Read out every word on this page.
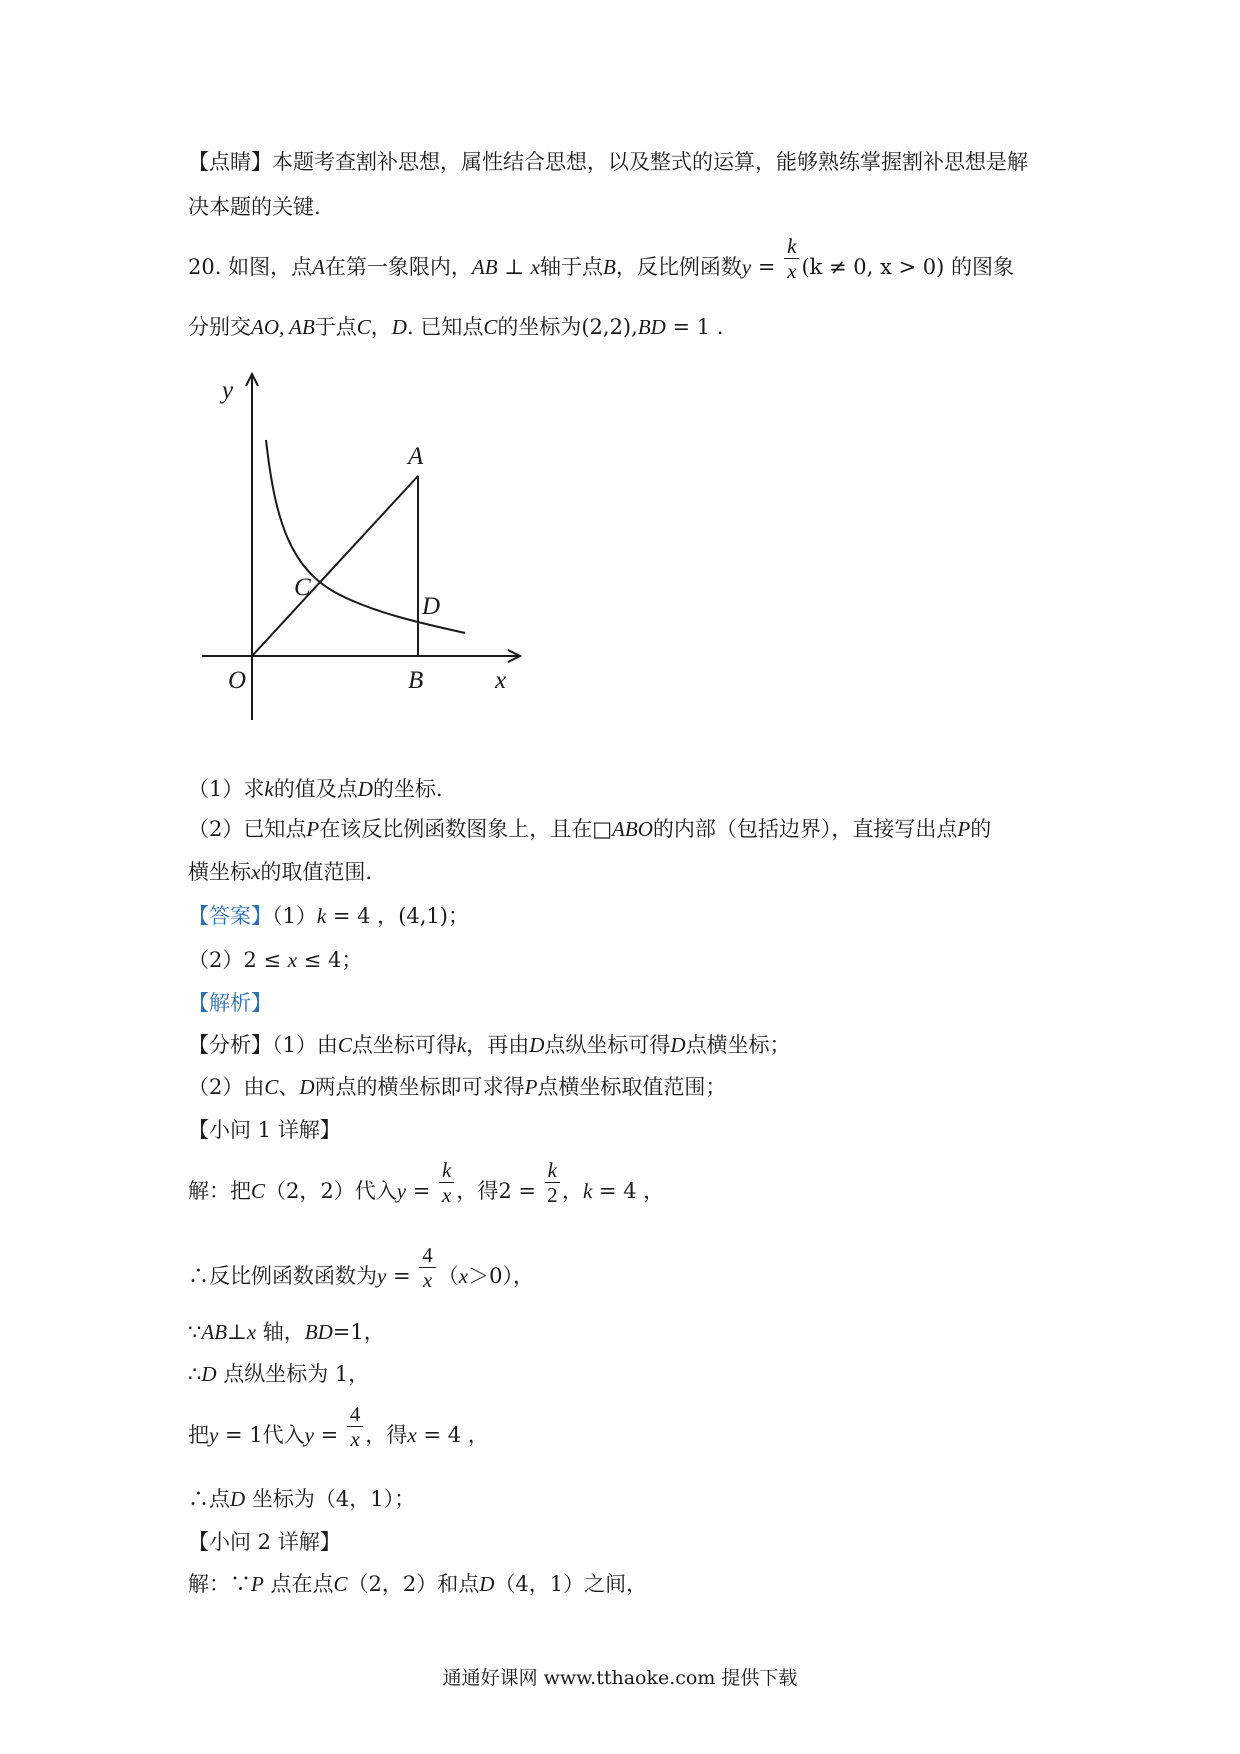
【点睛】本题考查割补思想，属性结合思想，以及整式的运算，能够熟练掌握割补思想是解
决本题的关键.
20. 如图，点A在第一象限内，AB ⊥ x轴于点B，反比例函数$y = \frac{k}{x} (k \ne 0$, x > 0) 的图象
分别交AO, AB于点C，D. 已知点C的坐标为(2,2),BD = 1 .
y
x
O
A
B
C
D
（1）求k的值及点D的坐标.
（2）已知点P在该反比例函数图象上，且在□ABO的内部（包括边界），直接写出点P的
横坐标x的取值范围.
【答案】（1）k = 4 ，(4,1)；
（2）2 ≤ x ≤ 4；
【解析】
【分析】（1）由C点坐标可得k，再由D点纵坐标可得D点横坐标；
（2）由C、D两点的横坐标即可求得P点横坐标取值范围；
【小问 1 详解】
解：把C（2，2）代入$y = \frac{k}{x}$ ，得$2 = \frac{k}{2}$ ，k = 4 ，
∴反比例函数函数为$y = \frac{4}{x} (x>0)$，
∵AB⊥x 轴，BD=1，
∴D 点纵坐标为 1，
把y = 1代入$y = \frac{4}{x}$ ，得x = 4 ，
∴点D 坐标为（4，1）；
【小问 2 详解】
解：∵P 点在点C（2，2）和点D（4，1）之间，
通通好课网 www.tthaoke.com 提供下载
